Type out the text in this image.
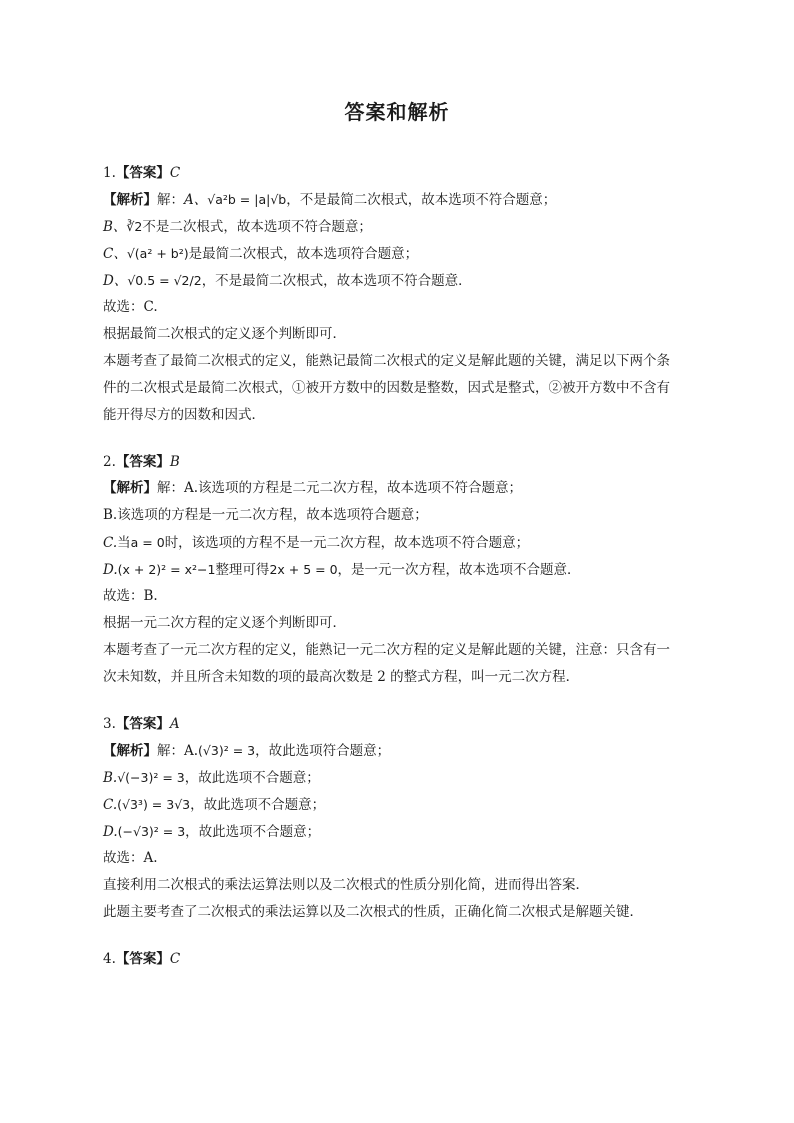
答案和解析
1.【答案】C
【解析】解：A、√a²b = |a|√b，不是最简二次根式，故本选项不符合题意；
B、∛2不是二次根式，故本选项不符合题意；
C、√(a² + b²)是最简二次根式，故本选项符合题意；
D、√0.5 = √2/2，不是最简二次根式，故本选项不符合题意．
故选：C.
根据最简二次根式的定义逐个判断即可．
本题考查了最简二次根式的定义，能熟记最简二次根式的定义是解此题的关键，满足以下两个条
件的二次根式是最简二次根式，①被开方数中的因数是整数，因式是整式，②被开方数中不含有
能开得尽方的因数和因式．
2.【答案】B
【解析】解：A.该选项的方程是二元二次方程，故本选项不符合题意；
B.该选项的方程是一元二次方程，故本选项符合题意；
C.当a = 0时，该选项的方程不是一元二次方程，故本选项不符合题意；
D.(x + 2)² = x²−1整理可得2x + 5 = 0，是一元一次方程，故本选项不合题意．
故选：B.
根据一元二次方程的定义逐个判断即可．
本题考查了一元二次方程的定义，能熟记一元二次方程的定义是解此题的关键，注意：只含有一
次未知数，并且所含未知数的项的最高次数是 2 的整式方程，叫一元二次方程．
3.【答案】A
【解析】解：A.(√3)² = 3，故此选项符合题意；
B.√(−3)² = 3，故此选项不合题意；
C.(√3³) = 3√3，故此选项不合题意；
D.(−√3)² = 3，故此选项不合题意；
故选：A.
直接利用二次根式的乘法运算法则以及二次根式的性质分别化简，进而得出答案．
此题主要考查了二次根式的乘法运算以及二次根式的性质，正确化简二次根式是解题关键．
4.【答案】C
